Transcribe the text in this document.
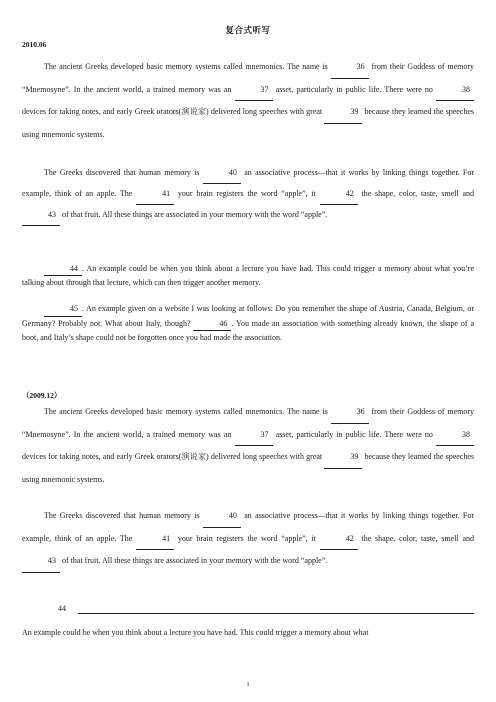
复合式听写
2010.06
The ancient Greeks developed basic memory systems called mnemonics. The name is	36 from their Goddess of memory “Mnemosyne”. In the ancient world, a trained memory was an	37 asset, particularly in public life. There were no	38 devices for taking notes, and early Greek orators(演说家) delivered long speeches with great	39 because they learned the speeches using mnemonic systems.
The Greeks discovered that human memory is	40 an associative process—that it works by linking things together. For example, think of an apple. The	41 your brain registers the word “apple”, it	42 the shape, color, taste, smell and 43 of that fruit. All these things are associated in your memory with the word “apple”.
44 . An example could be when you think about a lecture you have had. This could trigger a memory about what you’re talking about through that lecture, which can then trigger another memory.
45 . An example given on a website I was looking at follows: Do you remember the shape of Austria, Canada, Belgium, or Germany? Probably not. What about Italy, though?	46 . You made an association with something already known, the shape of a boot, and Italy’s shape could not be forgotten once you had made the association.
（2009.12）
The ancient Greeks developed basic memory systems called mnemonics. The name is	36 from their Goddess of memory “Mnemosyne”. In the ancient world, a trained memory was an	37 asset, particularly in public life. There were no	38 devices for taking notes, and early Greek orators(演说家) delivered long speeches with great	39 because they learned the speeches using mnemonic systems.
The Greeks discovered that human memory is	40 an associative process—that it works by linking things together. For example, think of an apple. The	41 your brain registers the word “apple”, it	42 the shape, color, taste, smell and 43 of that fruit. All these things are associated in your memory with the word “apple”.
44
An example could be when you think about a lecture you have had. This could trigger a memory about what
1
